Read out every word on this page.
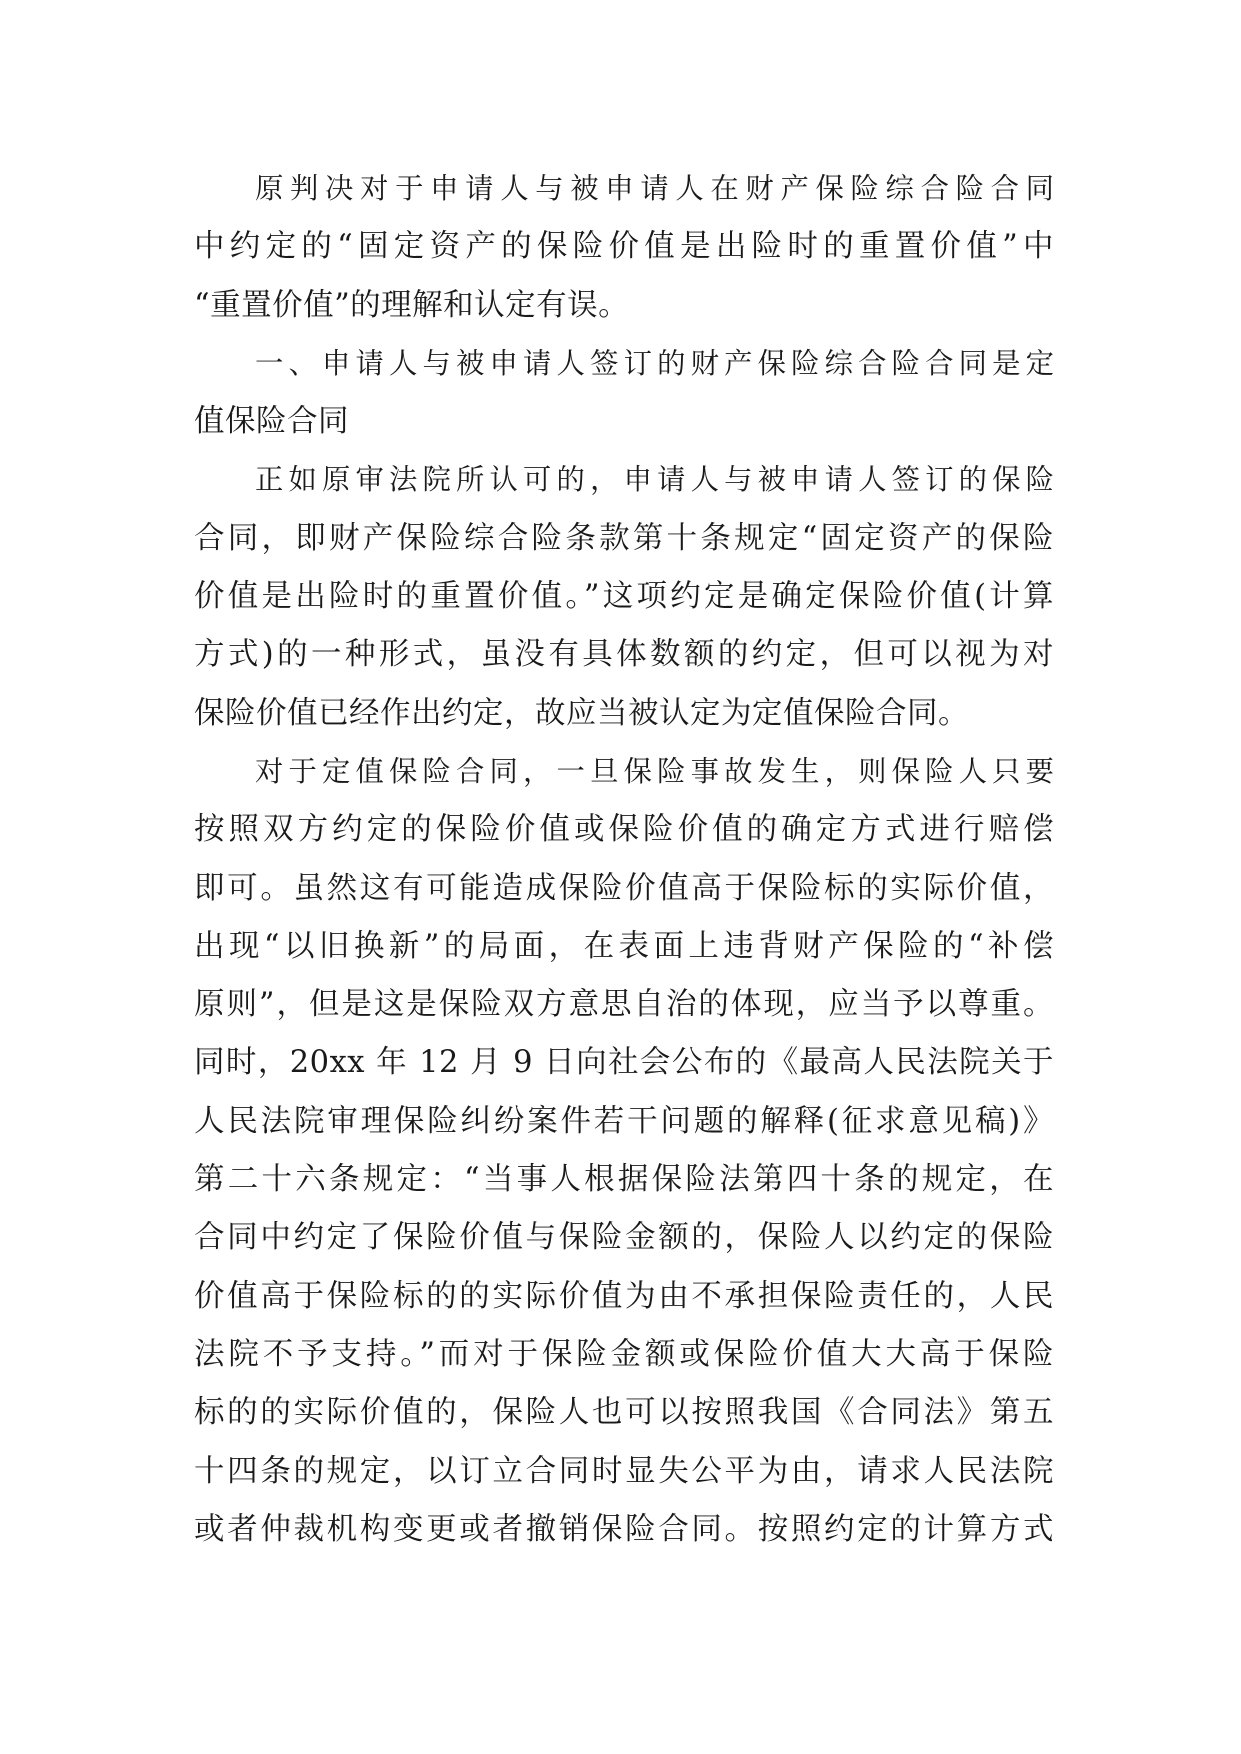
原判决对于申请人与被申请人在财产保险综合险合同
中约定的“固定资产的保险价值是出险时的重置价值”中
“重置价值”的理解和认定有误。
一、申请人与被申请人签订的财产保险综合险合同是定
值保险合同
正如原审法院所认可的，申请人与被申请人签订的保险
合同，即财产保险综合险条款第十条规定“固定资产的保险
价值是出险时的重置价值。”这项约定是确定保险价值(计算
方式)的一种形式，虽没有具体数额的约定，但可以视为对
保险价值已经作出约定，故应当被认定为定值保险合同。
对于定值保险合同，一旦保险事故发生，则保险人只要
按照双方约定的保险价值或保险价值的确定方式进行赔偿
即可。虽然这有可能造成保险价值高于保险标的实际价值，
出现“以旧换新”的局面，在表面上违背财产保险的“补偿
原则”，但是这是保险双方意思自治的体现，应当予以尊重。
同时，20xx 年 12 月 9 日向社会公布的《最高人民法院关于
人民法院审理保险纠纷案件若干问题的解释(征求意见稿)》
第二十六条规定：“当事人根据保险法第四十条的规定，在
合同中约定了保险价值与保险金额的，保险人以约定的保险
价值高于保险标的的实际价值为由不承担保险责任的，人民
法院不予支持。”而对于保险金额或保险价值大大高于保险
标的的实际价值的，保险人也可以按照我国《合同法》第五
十四条的规定，以订立合同时显失公平为由，请求人民法院
或者仲裁机构变更或者撤销保险合同。按照约定的计算方式
